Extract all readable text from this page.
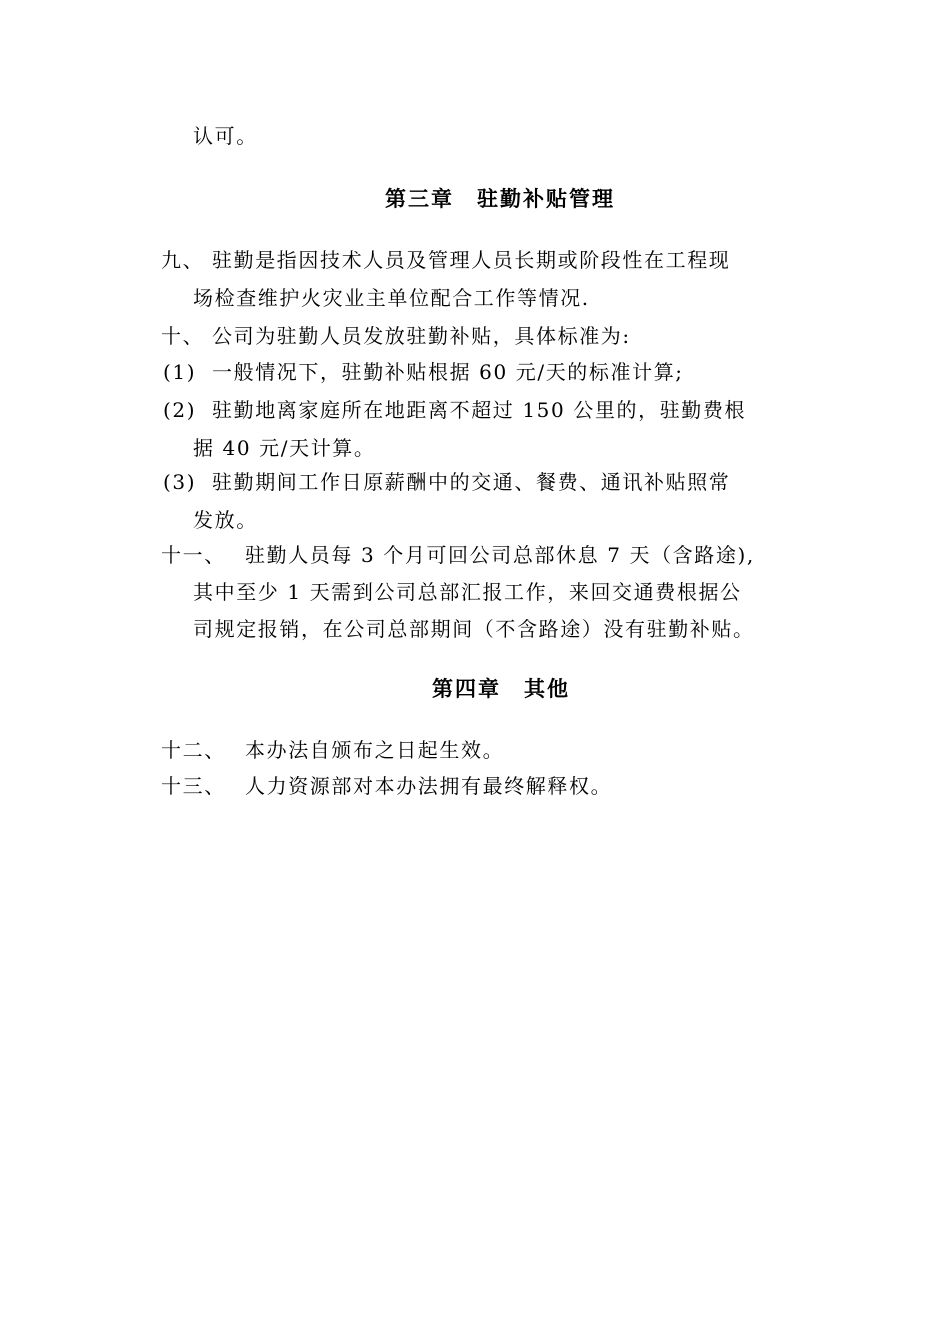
认可。
第三章　驻勤补贴管理
九、 驻勤是指因技术人员及管理人员长期或阶段性在工程现
场检查维护火灾业主单位配合工作等情况.
十、 公司为驻勤人员发放驻勤补贴，具体标准为:
(1) 一般情况下，驻勤补贴根据 60 元/天的标准计算;
(2) 驻勤地离家庭所在地距离不超过 150 公里的，驻勤费根
据 40 元/天计算。
(3) 驻勤期间工作日原薪酬中的交通、餐费、通讯补贴照常
发放。
十一、 驻勤人员每 3 个月可回公司总部休息 7 天（含路途),
其中至少 1 天需到公司总部汇报工作，来回交通费根据公
司规定报销，在公司总部期间（不含路途）没有驻勤补贴。
第四章　其他
十二、 本办法自颁布之日起生效。
十三、 人力资源部对本办法拥有最终解释权。
